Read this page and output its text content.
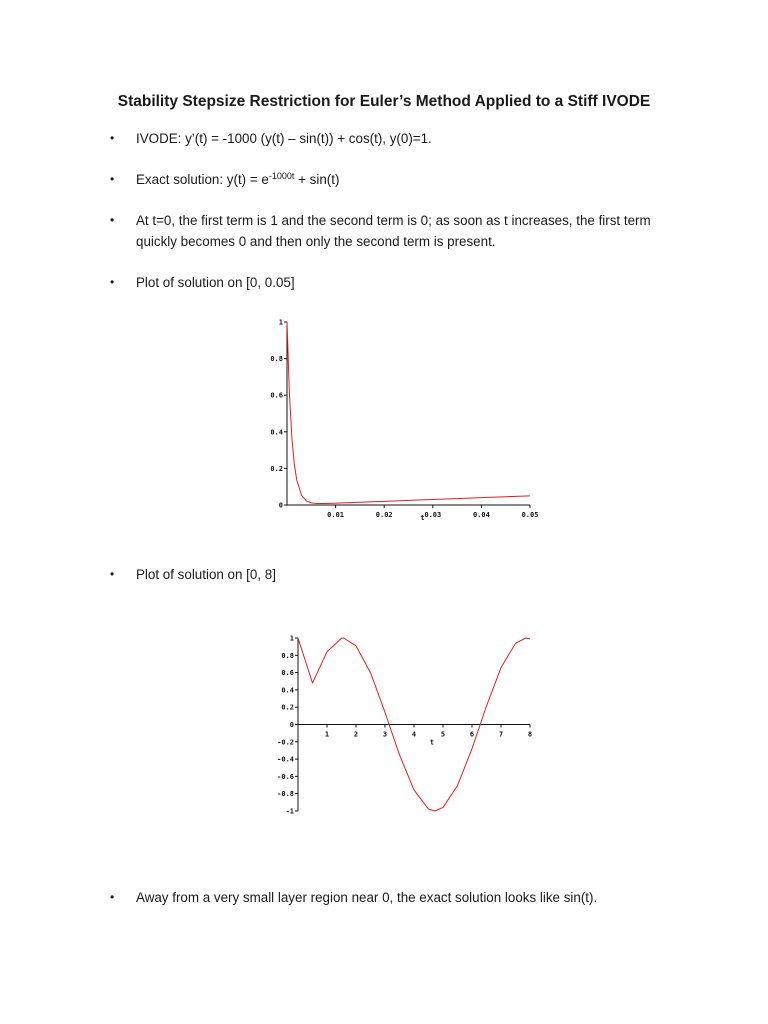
Stability Stepsize Restriction for Euler’s Method Applied to a Stiff IVODE
•	IVODE: y’(t) = -1000 (y(t) – sin(t)) + cos(t), y(0)=1.
•	Exact solution: $y(t) = e^{-1000t} + \sin(t)$
•	At t=0, the first term is 1 and the second term is 0; as soon as t increases, the first term quickly becomes 0 and then only the second term is present.
•	Plot of solution on [0, 0.05]
0
0.2
0.4
0.6
0.8
1
0.01	0.02	0.03	0.04	0.05
t
•	Plot of solution on [0, 8]
-1
-0.8
-0.6
-0.4
-0.2
0
0.2
0.4
0.6
0.8
1
1	2	3	4	5	6	7	8
t
•	Away from a very small layer region near 0, the exact solution looks like sin(t).
